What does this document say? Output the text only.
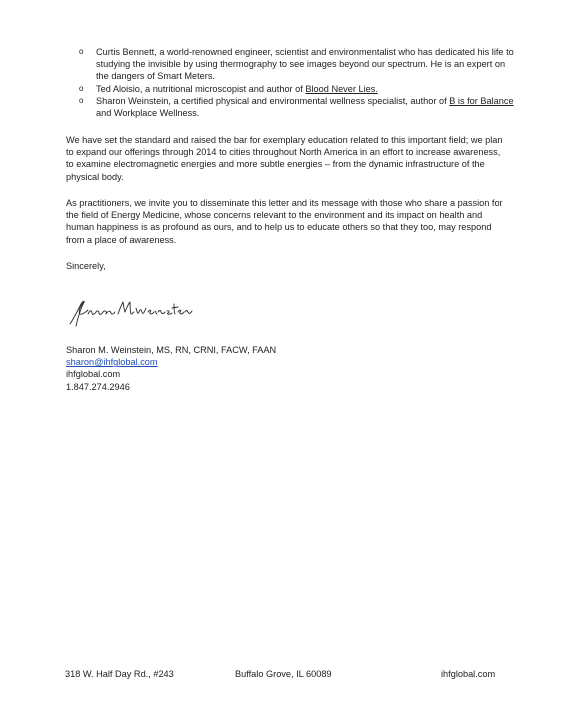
o Curtis Bennett, a world-renowned engineer, scientist and environmentalist who has dedicated his life to studying the invisible by using thermography to see images beyond our spectrum. He is an expert on the dangers of Smart Meters.
o Ted Aloisio, a nutritional microscopist and author of Blood Never Lies.
o Sharon Weinstein, a certified physical and environmental wellness specialist, author of B is for Balance and Workplace Wellness.
We have set the standard and raised the bar for exemplary education related to this important field; we plan to expand our offerings through 2014 to cities throughout North America in an effort to increase awareness, to examine electromagnetic energies and more subtle energies – from the dynamic infrastructure of the physical body.
As practitioners, we invite you to disseminate this letter and its message with those who share a passion for the field of Energy Medicine, whose concerns relevant to the environment and its impact on health and human happiness is as profound as ours, and to help us to educate others so that they too, may respond from a place of awareness.
Sincerely,
Sharon M. Weinstein, MS, RN, CRNI, FACW, FAAN
sharon@ihfglobal.com
ihfglobal.com
1.847.274.2946
318 W. Half Day Rd., #243	Buffalo Grove, IL 60089	ihfglobal.com
